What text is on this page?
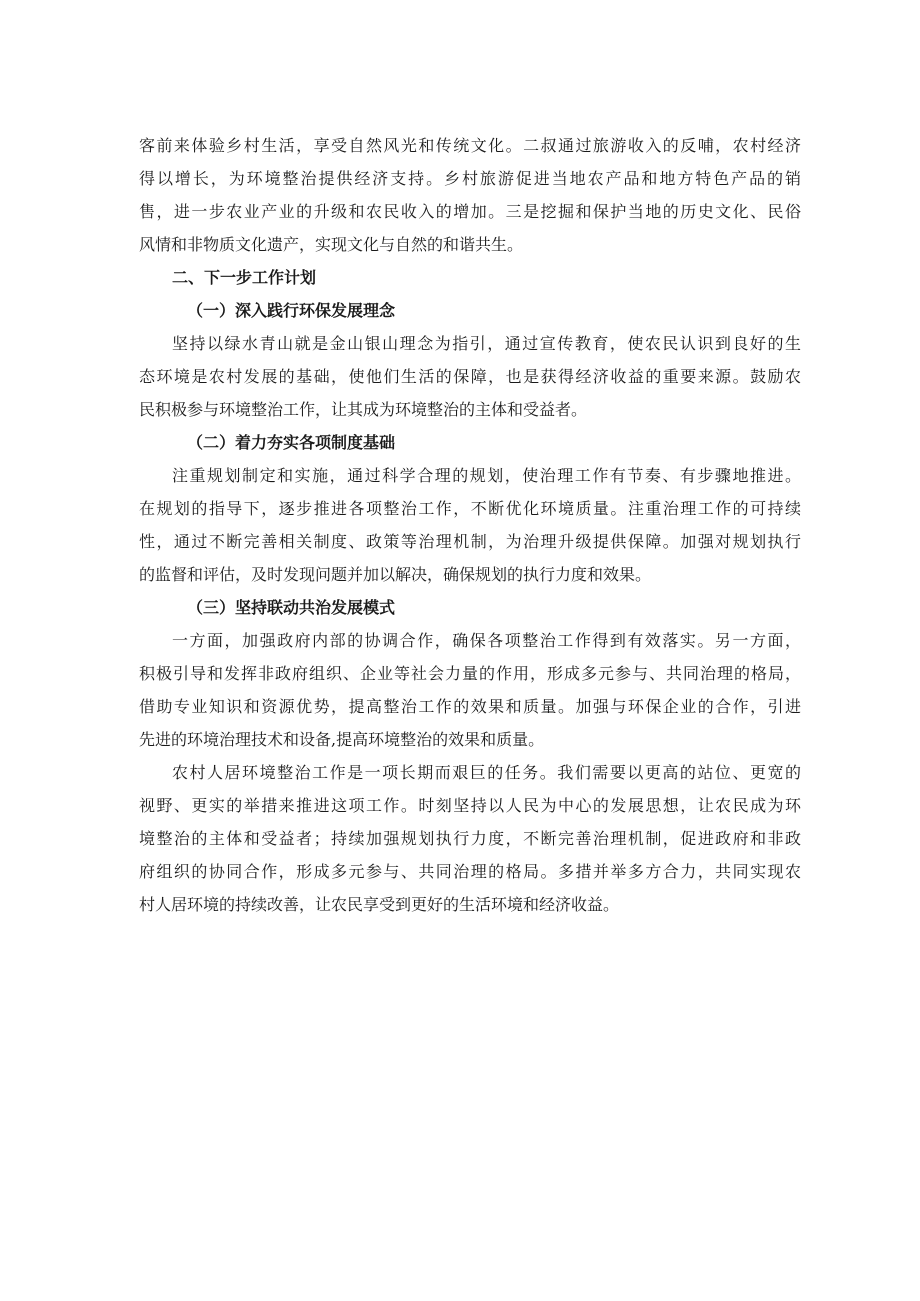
客前来体验乡村生活，享受自然风光和传统文化。二叔通过旅游收入的反哺，农村经济
得以增长，为环境整治提供经济支持。乡村旅游促进当地农产品和地方特色产品的销
售，进一步农业产业的升级和农民收入的增加。三是挖掘和保护当地的历史文化、民俗
风情和非物质文化遗产，实现文化与自然的和谐共生。
二、下一步工作计划
（一）深入践行环保发展理念
坚持以绿水青山就是金山银山理念为指引，通过宣传教育，使农民认识到良好的生
态环境是农村发展的基础，使他们生活的保障，也是获得经济收益的重要来源。鼓励农
民积极参与环境整治工作，让其成为环境整治的主体和受益者。
（二）着力夯实各项制度基础
注重规划制定和实施，通过科学合理的规划，使治理工作有节奏、有步骤地推进。
在规划的指导下，逐步推进各项整治工作，不断优化环境质量。注重治理工作的可持续
性，通过不断完善相关制度、政策等治理机制，为治理升级提供保障。加强对规划执行
的监督和评估，及时发现问题并加以解决，确保规划的执行力度和效果。
（三）坚持联动共治发展模式
一方面，加强政府内部的协调合作，确保各项整治工作得到有效落实。另一方面，
积极引导和发挥非政府组织、企业等社会力量的作用，形成多元参与、共同治理的格局，
借助专业知识和资源优势，提高整治工作的效果和质量。加强与环保企业的合作，引进
先进的环境治理技术和设备,提高环境整治的效果和质量。
农村人居环境整治工作是一项长期而艰巨的任务。我们需要以更高的站位、更宽的
视野、更实的举措来推进这项工作。时刻坚持以人民为中心的发展思想，让农民成为环
境整治的主体和受益者；持续加强规划执行力度，不断完善治理机制，促进政府和非政
府组织的协同合作，形成多元参与、共同治理的格局。多措并举多方合力，共同实现农
村人居环境的持续改善，让农民享受到更好的生活环境和经济收益。
